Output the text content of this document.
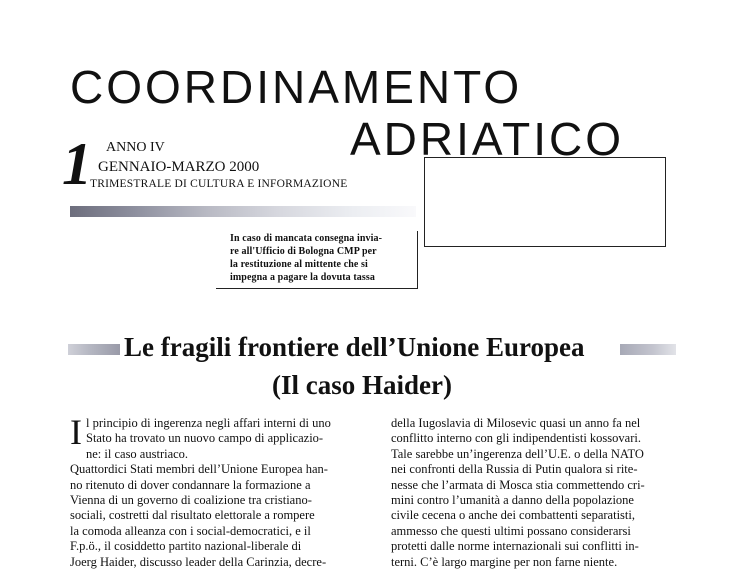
COORDINAMENTO
ADRIATICO
1 ANNO IV
GENNAIO-MARZO 2000
TRIMESTRALE DI CULTURA E INFORMAZIONE
In caso di mancata consegna invia-
re all'Ufficio di Bologna CMP per
la restituzione al mittente che si
impegna a pagare la dovuta tassa
Le fragili frontiere dell’Unione Europea
(Il caso Haider)
I l principio di ingerenza negli affari interni di uno
Stato ha trovato un nuovo campo di applicazio-
ne: il caso austriaco.
Quattordici Stati membri dell’Unione Europea han-
no ritenuto di dover condannare la formazione a
Vienna di un governo di coalizione tra cristiano-
sociali, costretti dal risultato elettorale a rompere
la comoda alleanza con i social-democratici, e il
F.p.ö., il cosiddetto partito nazional-liberale di
Joerg Haider, discusso leader della Carinzia, decre-
della Iugoslavia di Milosevic quasi un anno fa nel
conflitto interno con gli indipendentisti kossovari.
Tale sarebbe un’ingerenza dell’U.E. o della NATO
nei confronti della Russia di Putin qualora si rite-
nesse che l’armata di Mosca stia commettendo cri-
mini contro l’umanità a danno della popolazione
civile cecena o anche dei combattenti separatisti,
ammesso che questi ultimi possano considerarsi
protetti dalle norme internazionali sui conflitti in-
terni. C’è largo margine per non farne niente.
